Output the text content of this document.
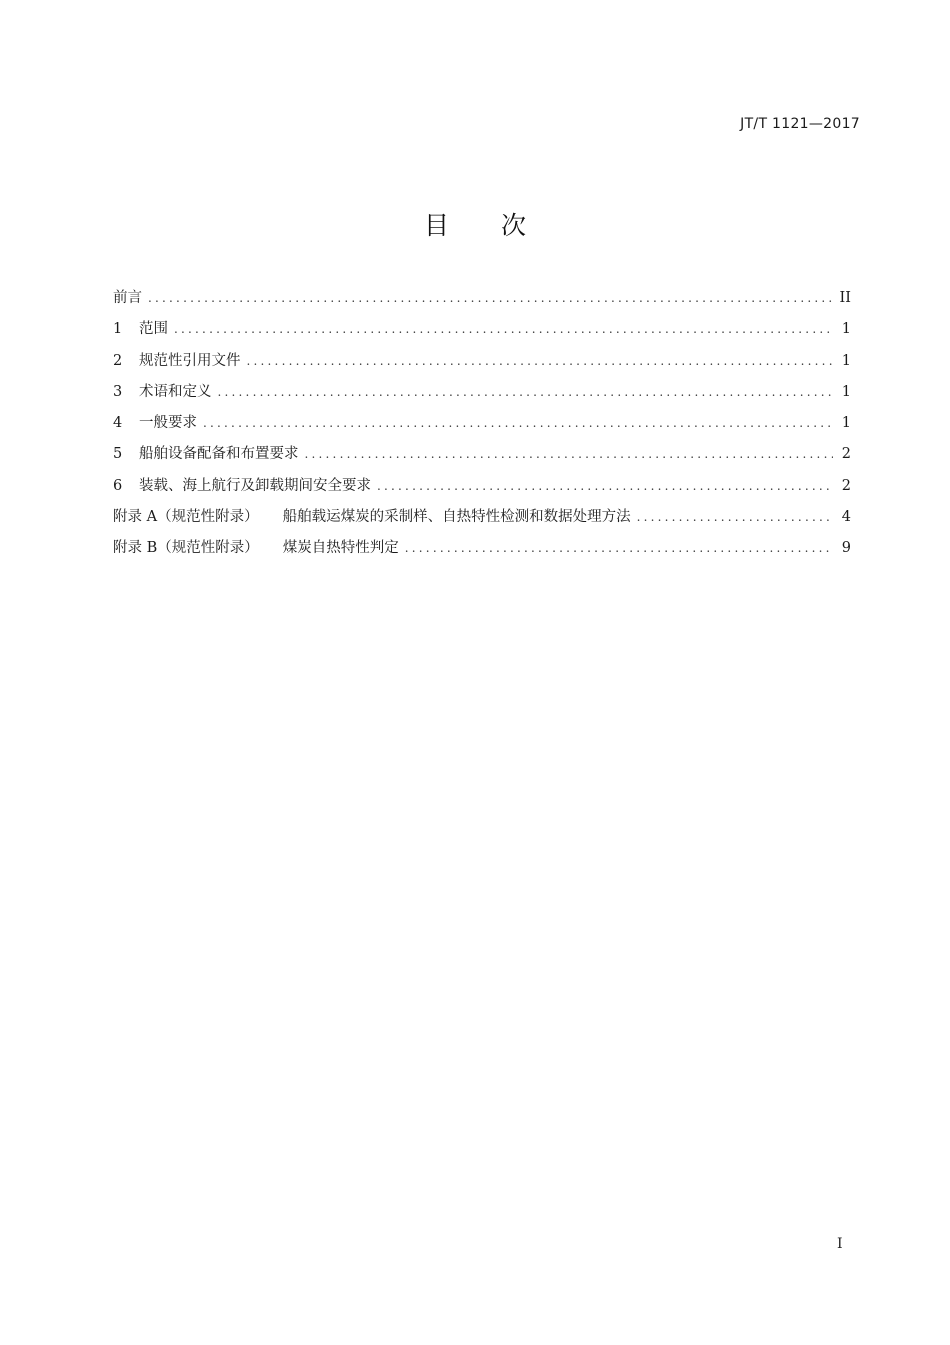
JT/T 1121—2017
目 次
前言 .....	II
1	范围 .....	1
2	规范性引用文件 .....	1
3	术语和定义 .....	1
4	一般要求 .....	1
5	船舶设备配备和布置要求 .....	2
6	装载、海上航行及卸载期间安全要求 .....	2
附录 A（规范性附录） 船舶载运煤炭的采制样、自热特性检测和数据处理方法 .....	4
附录 B（规范性附录） 煤炭自热特性判定 .....	9
I
